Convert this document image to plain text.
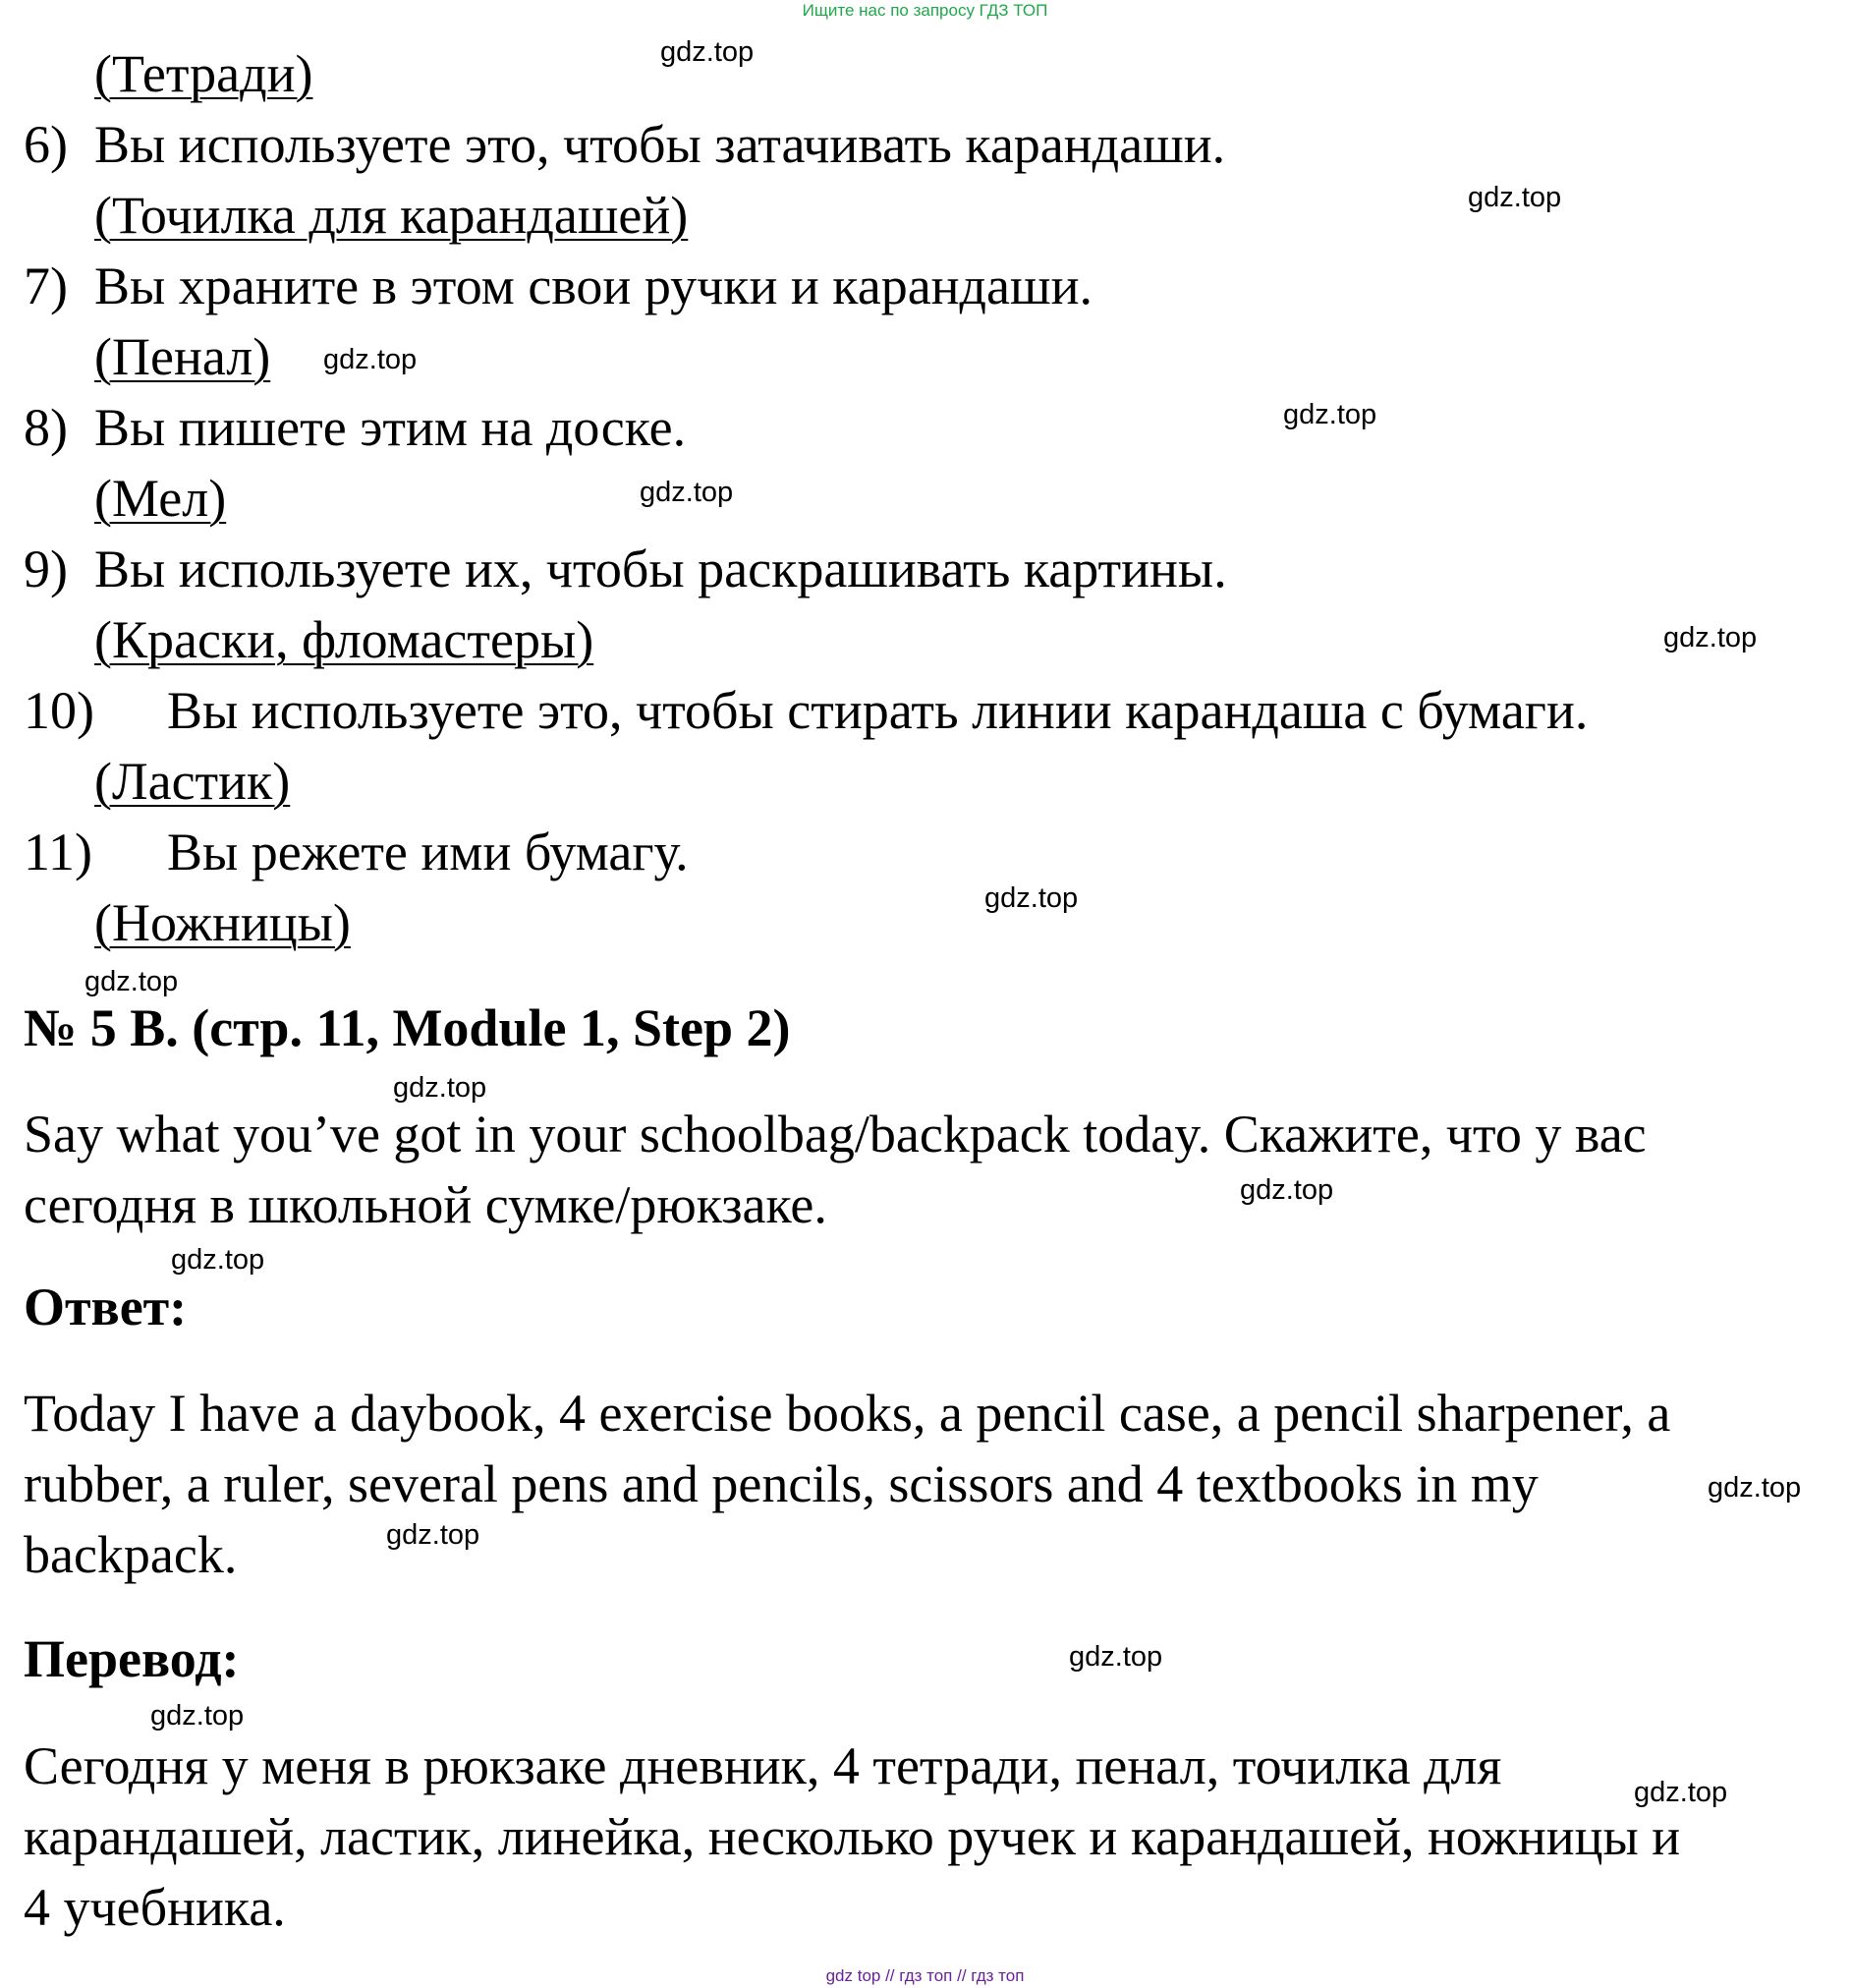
Ищите нас по запросу ГДЗ ТОП
(Тетради)
6) Вы используете это, чтобы затачивать карандаши.
(Точилка для карандашей)
7) Вы храните в этом свои ручки и карандаши.
(Пенал)
8) Вы пишете этим на доске.
(Мел)
9) Вы используете их, чтобы раскрашивать картины.
(Краски, фломастеры)
10) Вы используете это, чтобы стирать линии карандаша с бумаги.
(Ластик)
11) Вы режете ими бумагу.
(Ножницы)
№ 5 B. (стр. 11, Module 1, Step 2)
Say what you’ve got in your schoolbag/backpack today. Скажите, что у вас
сегодня в школьной сумке/рюкзаке.
Ответ:
Today I have a daybook, 4 exercise books, a pencil case, a pencil sharpener, a
rubber, a ruler, several pens and pencils, scissors and 4 textbooks in my
backpack.
Перевод:
Сегодня у меня в рюкзаке дневник, 4 тетради, пенал, точилка для
карандашей, ластик, линейка, несколько ручек и карандашей, ножницы и
4 учебника.
gdz.top
gdz.top
gdz.top
gdz.top
gdz.top
gdz.top
gdz.top
gdz.top
gdz.top
gdz.top
gdz.top
gdz.top
gdz.top
gdz.top
gdz.top
gdz.top
gdz top // гдз топ // гдз топ
